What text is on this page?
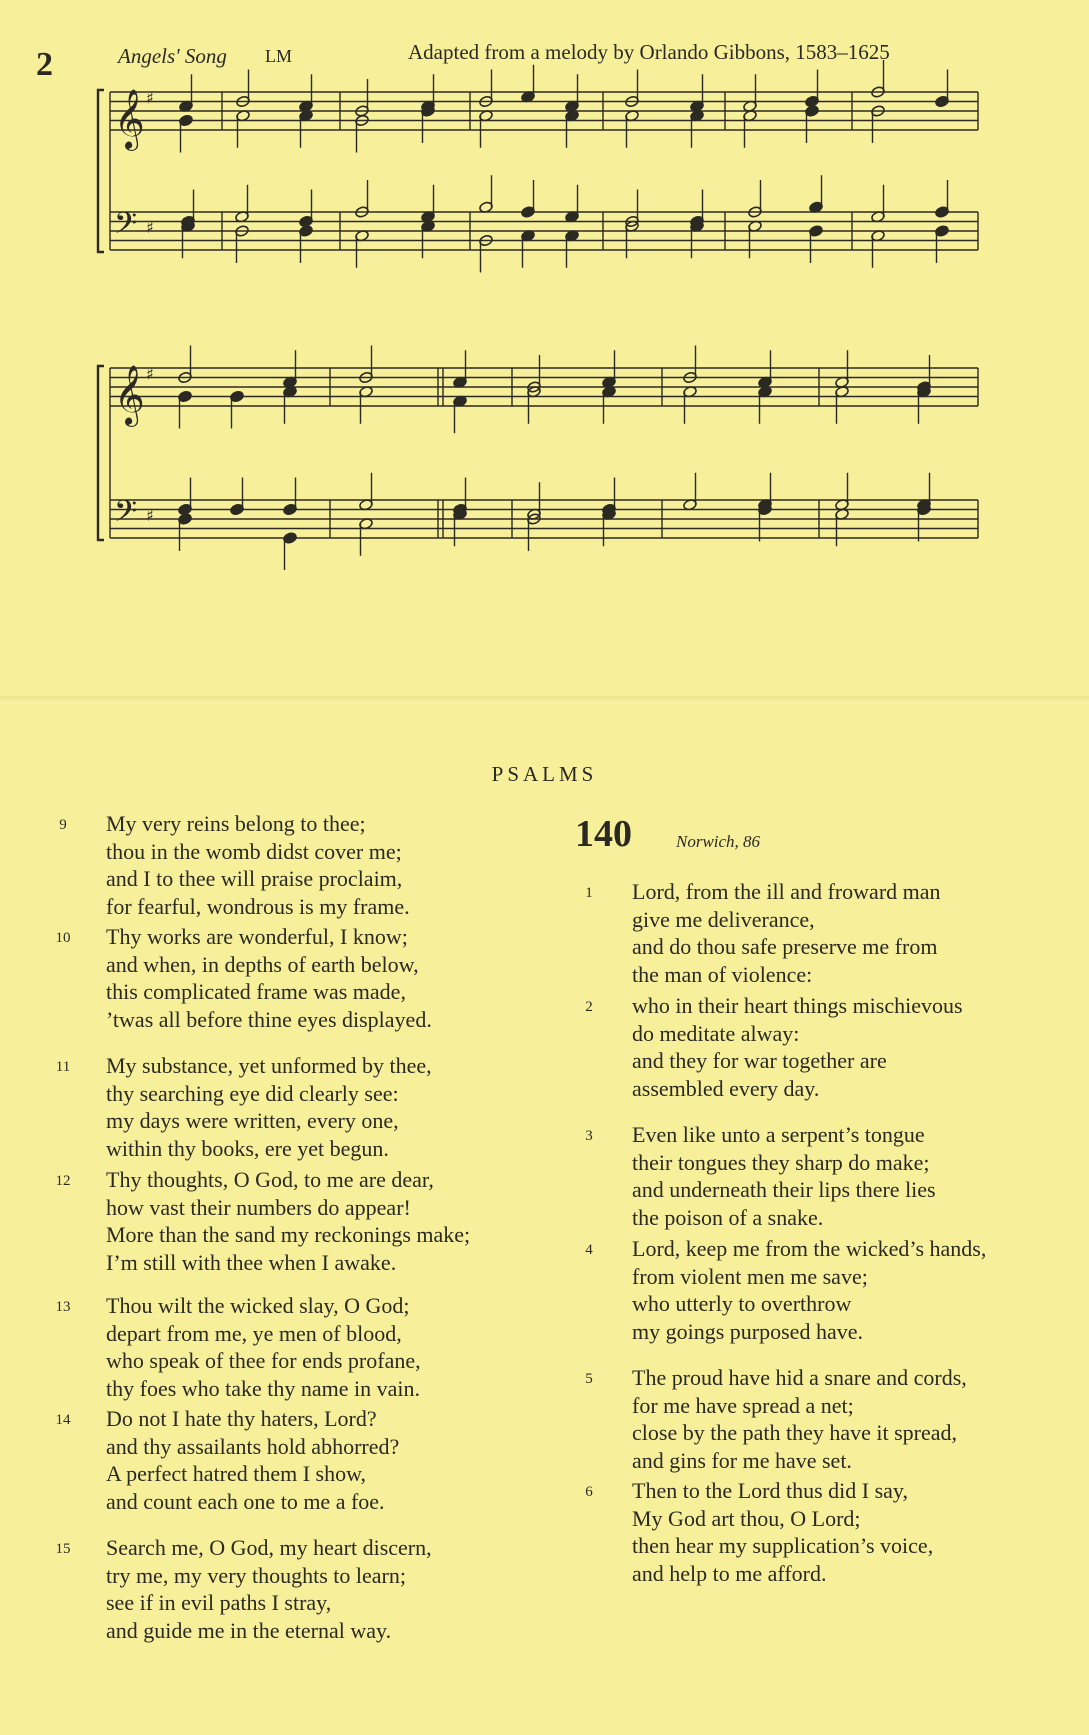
2	Angels' Song LM	Adapted from a melody by Orlando Gibbons, 1583–1625
𝄞
𝄢
♯
♯
𝄞
𝄢
♯
♯
PSALMS
140	Norwich, 86
9	My very reins belong to thee;
thou in the womb didst cover me;
and I to thee will praise proclaim,
for fearful, wondrous is my frame.
10	Thy works are wonderful, I know;
and when, in depths of earth below,
this complicated frame was made,
’twas all before thine eyes displayed.
11	My substance, yet unformed by thee,
thy searching eye did clearly see:
my days were written, every one,
within thy books, ere yet begun.
12	Thy thoughts, O God, to me are dear,
how vast their numbers do appear!
More than the sand my reckonings make;
I’m still with thee when I awake.
13	Thou wilt the wicked slay, O God;
depart from me, ye men of blood,
who speak of thee for ends profane,
thy foes who take thy name in vain.
14	Do not I hate thy haters, Lord?
and thy assailants hold abhorred?
A perfect hatred them I show,
and count each one to me a foe.
15	Search me, O God, my heart discern,
try me, my very thoughts to learn;
see if in evil paths I stray,
and guide me in the eternal way.
1	Lord, from the ill and froward man
give me deliverance,
and do thou safe preserve me from
the man of violence:
2	who in their heart things mischievous
do meditate alway:
and they for war together are
assembled every day.
3	Even like unto a serpent’s tongue
their tongues they sharp do make;
and underneath their lips there lies
the poison of a snake.
4	Lord, keep me from the wicked’s hands,
from violent men me save;
who utterly to overthrow
my goings purposed have.
5	The proud have hid a snare and cords,
for me have spread a net;
close by the path they have it spread,
and gins for me have set.
6	Then to the Lord thus did I say,
My God art thou, O Lord;
then hear my supplication’s voice,
and help to me afford.
